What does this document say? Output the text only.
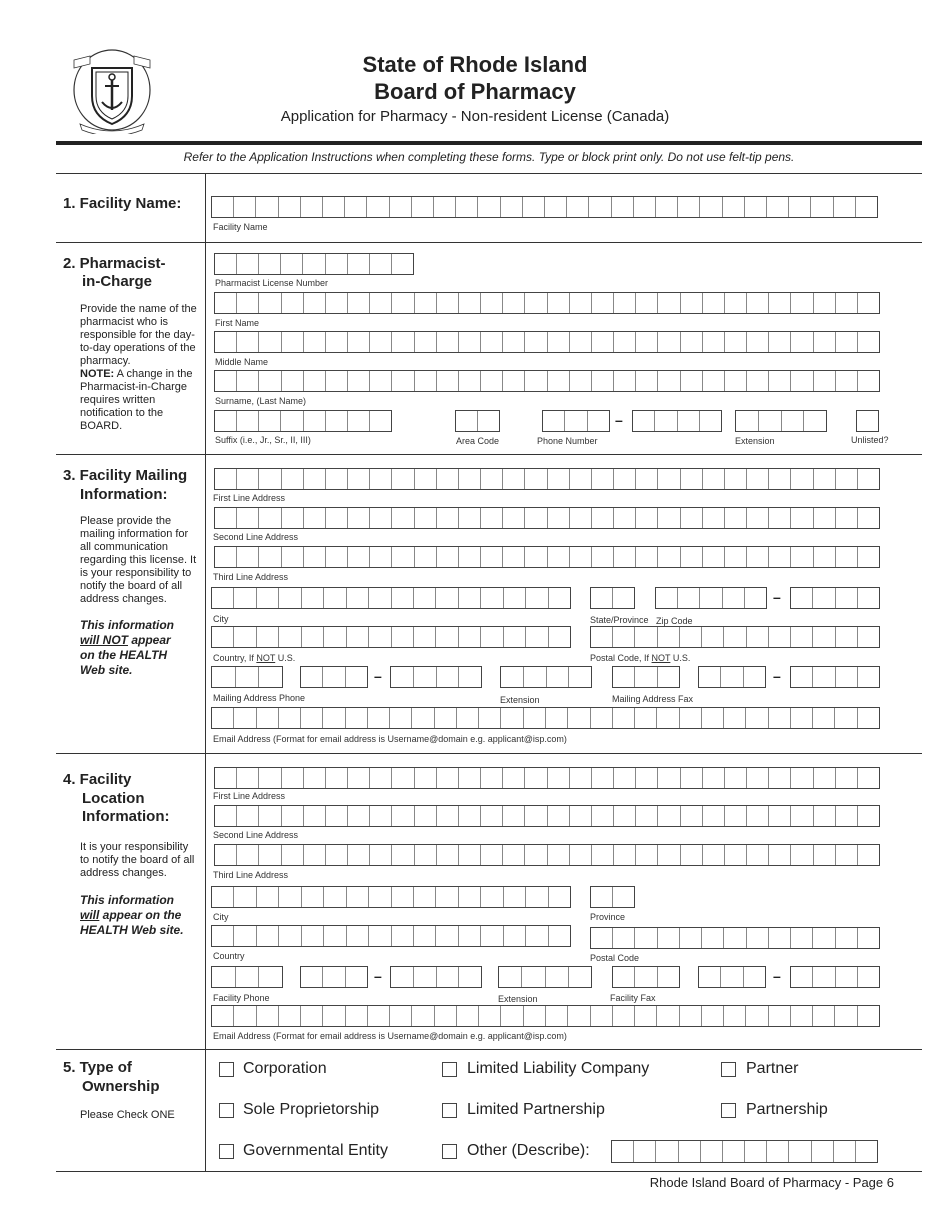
State of Rhode Island
Board of Pharmacy
Application for Pharmacy - Non-resident License (Canada)
Refer to the Application Instructions when completing these forms. Type or block print only. Do not use felt-tip pens.
1. Facility Name:
Facility Name
2. Pharmacist-
in-Charge
Provide the name of the pharmacist who is responsible for the day-to-day operations of the pharmacy.
NOTE: A change in the Pharmacist-in-Charge requires written notification to the BOARD.
Pharmacist License Number
First Name
Middle Name
Surname, (Last Name)
Suffix (i.e., Jr., Sr., II, III)	Area Code
–
Phone Number	Extension	Unlisted?
3. Facility Mailing
Information:
Please provide the mailing information for all communication regarding this license. It is your responsibility to notify the board of all address changes.
This information
will NOT appear
on the HEALTH
Web site.
First Line Address
Second Line Address
Third Line Address
City	State/Province Zip Code
–
Country, If NOT U.S.	Postal Code, If NOT U.S.
–
Mailing Address Phone	Extension
–
Mailing Address Fax
Email Address (Format for email address is Username@domain e.g. applicant@isp.com)
4. Facility
Location
Information:
It is your responsibility to notify the board of all address changes.
This information
will appear on the
HEALTH Web site.
First Line Address
Second Line Address
Third Line Address
City	Province
Country	Postal Code
–
Facility Phone	Extension
–
Facility Fax
Email Address (Format for email address is Username@domain e.g. applicant@isp.com)
5. Type of
Ownership
Please Check ONE
Corporation	Limited Liability Company	Partner
Sole Proprietorship	Limited Partnership	Partnership
Governmental Entity	Other (Describe):
Rhode Island Board of Pharmacy - Page 6
